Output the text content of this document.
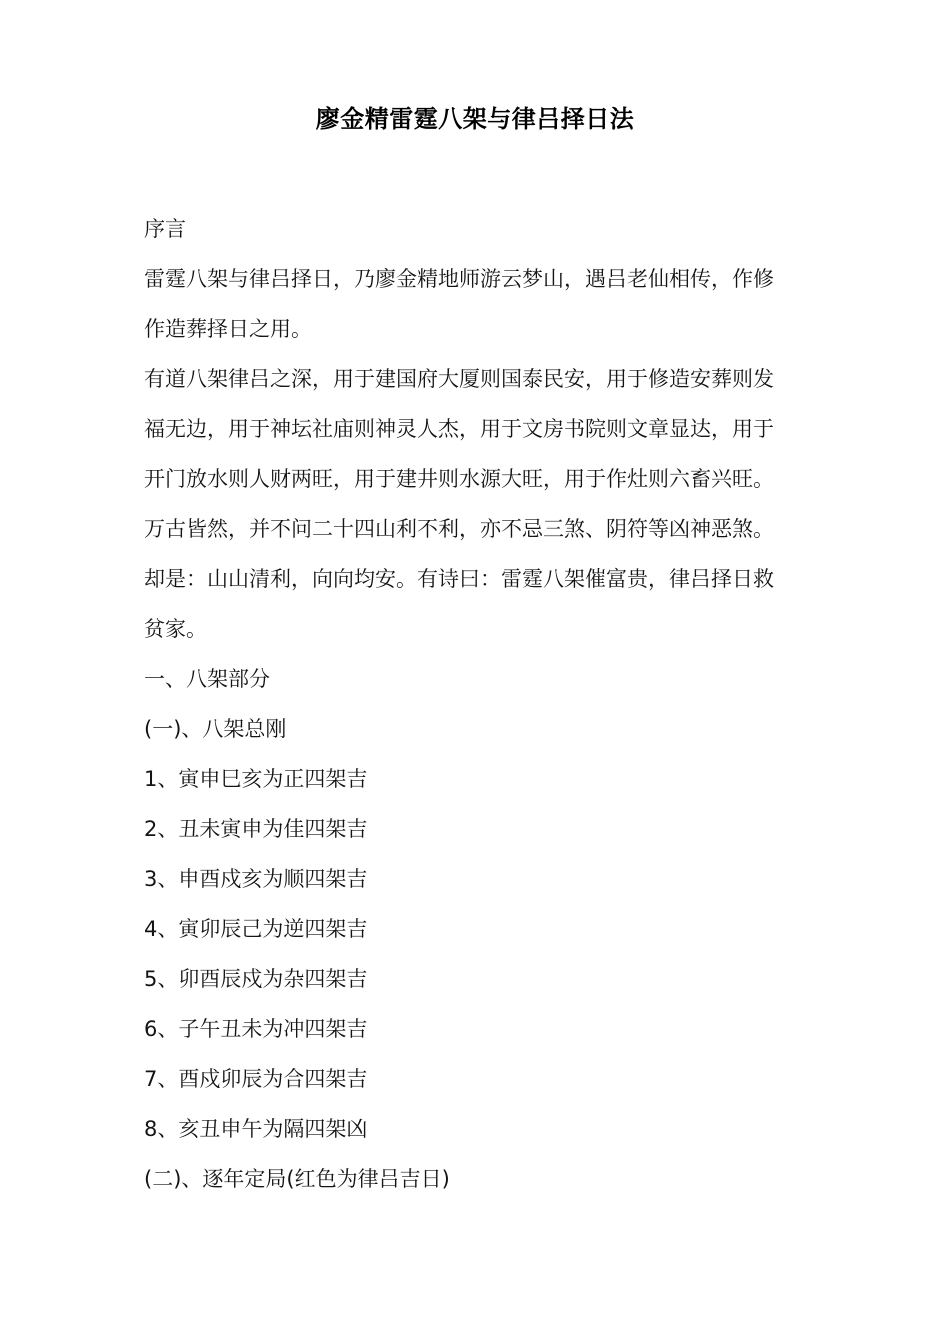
廖金精雷霆八架与律吕择日法
序言
雷霆八架与律吕择日，乃廖金精地师游云梦山，遇吕老仙相传，作修
作造葬择日之用。
有道八架律吕之深，用于建国府大厦则国泰民安，用于修造安葬则发
福无边，用于神坛社庙则神灵人杰，用于文房书院则文章显达，用于
开门放水则人财两旺，用于建井则水源大旺，用于作灶则六畜兴旺。
万古皆然，并不问二十四山利不利，亦不忌三煞、阴符等凶神恶煞。
却是：山山清利，向向均安。有诗曰：雷霆八架催富贵，律吕择日救
贫家。
一、八架部分
(一)、八架总刚
1、寅申巳亥为正四架吉
2、丑未寅申为佳四架吉
3、申酉戍亥为顺四架吉
4、寅卯辰己为逆四架吉
5、卯酉辰戍为杂四架吉
6、子午丑未为冲四架吉
7、酉戍卯辰为合四架吉
8、亥丑申午为隔四架凶
(二)、逐年定局(红色为律吕吉日)
